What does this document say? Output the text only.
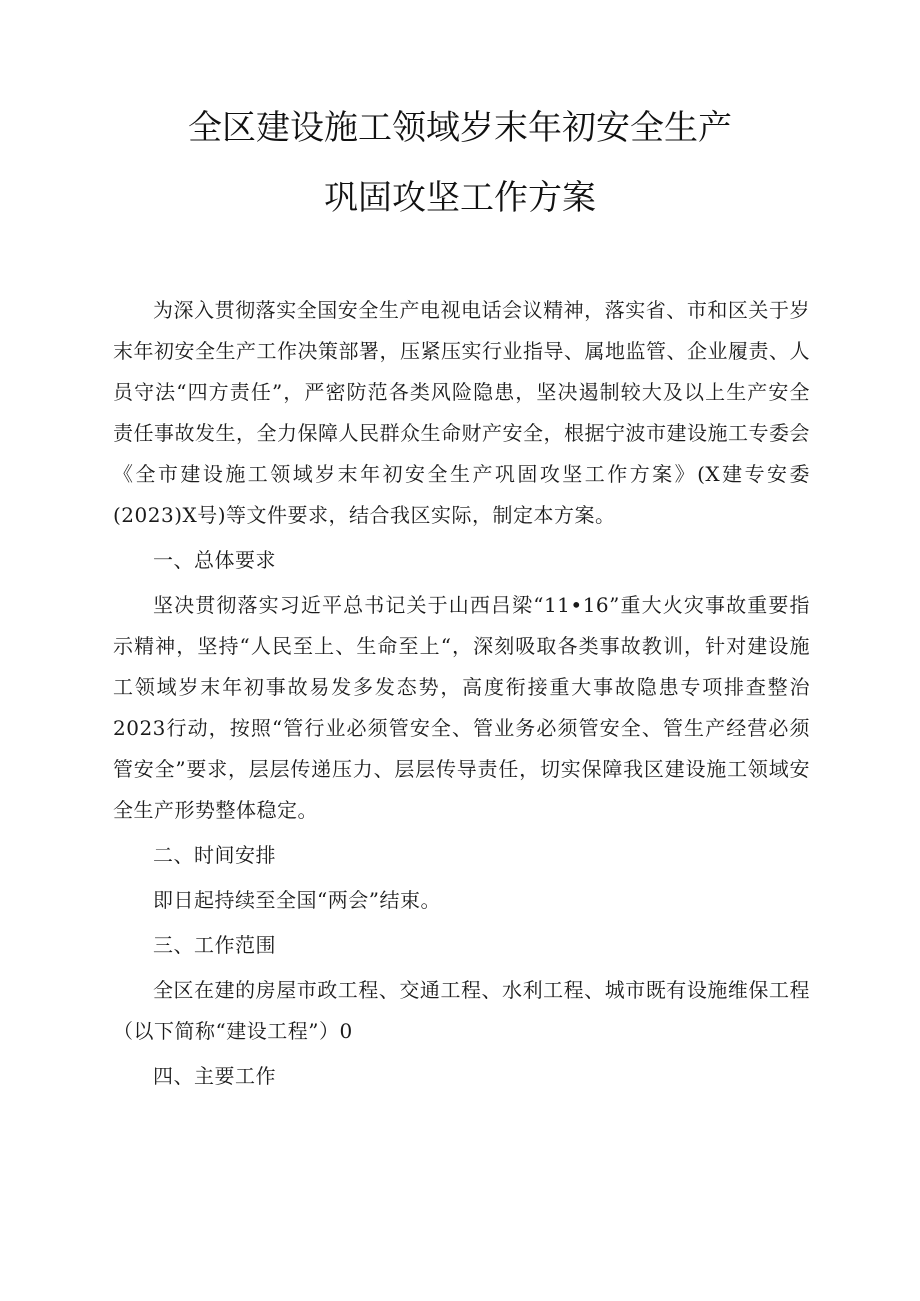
全区建设施工领域岁末年初安全生产
巩固攻坚工作方案

为深入贯彻落实全国安全生产电视电话会议精神，落实省、市和区关于岁末年初安全生产工作决策部署，压紧压实行业指导、属地监管、企业履责、人员守法“四方责任”，严密防范各类风险隐患，坚决遏制较大及以上生产安全责任事故发生，全力保障人民群众生命财产安全，根据宁波市建设施工专委会《全市建设施工领域岁末年初安全生产巩固攻坚工作方案》(X建专安委(2023)X号)等文件要求，结合我区实际，制定本方案。

一、总体要求

坚决贯彻落实习近平总书记关于山西吕梁“11•16”重大火灾事故重要指示精神，坚持“人民至上、生命至上“，深刻吸取各类事故教训，针对建设施工领域岁末年初事故易发多发态势，高度衔接重大事故隐患专项排查整治2023行动，按照“管行业必须管安全、管业务必须管安全、管生产经营必须管安全”要求，层层传递压力、层层传导责任，切实保障我区建设施工领域安全生产形势整体稳定。

二、时间安排

即日起持续至全国“两会”结束。

三、工作范围

全区在建的房屋市政工程、交通工程、水利工程、城市既有设施维保工程（以下简称“建设工程”）0

四、主要工作
